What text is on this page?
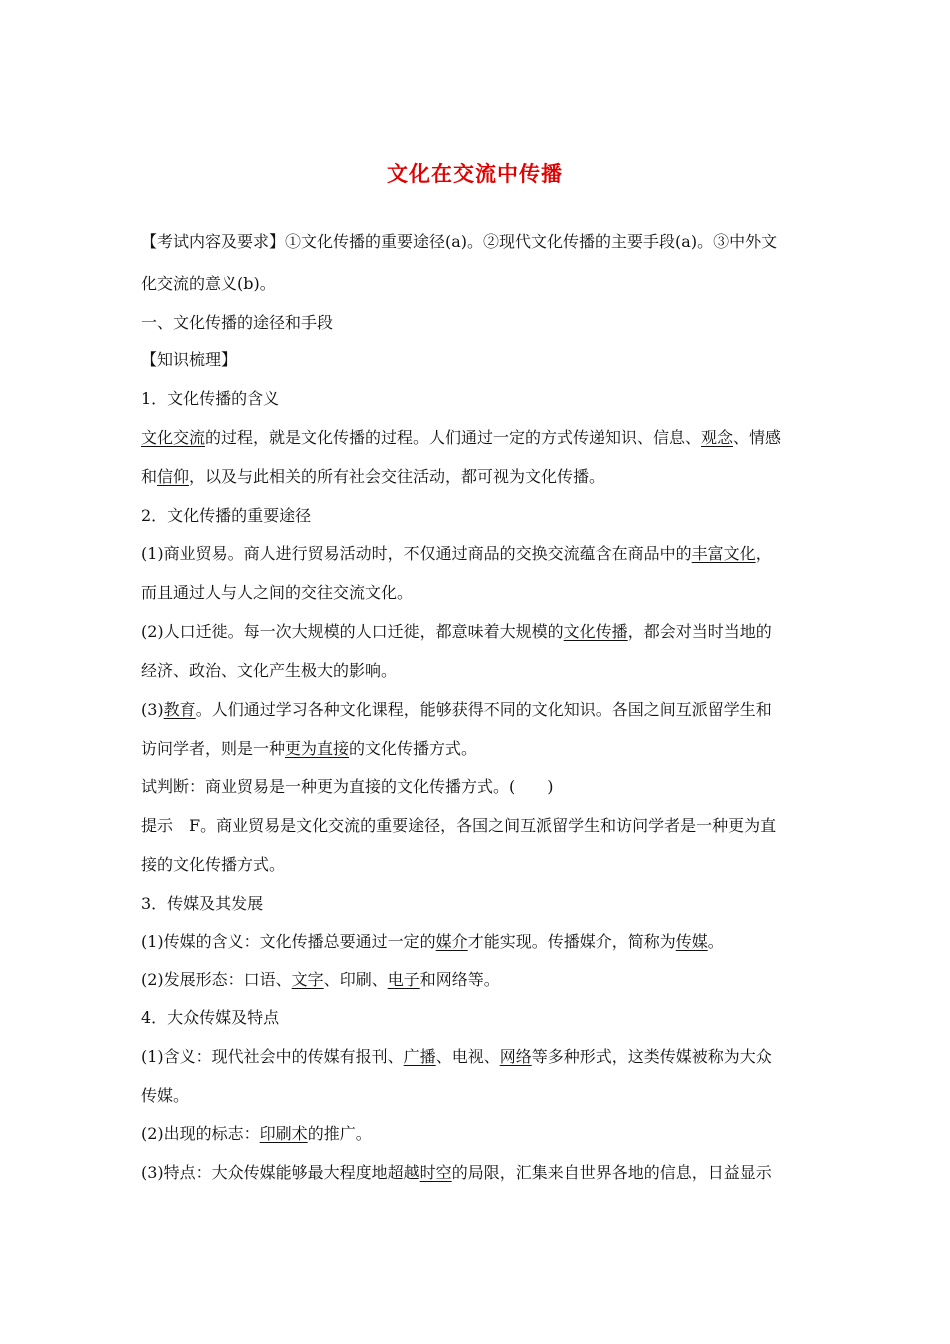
文化在交流中传播
【考试内容及要求】①文化传播的重要途径(a)。②现代文化传播的主要手段(a)。③中外文
化交流的意义(b)。
一、文化传播的途径和手段
【知识梳理】
1．文化传播的含义
文化交流的过程，就是文化传播的过程。人们通过一定的方式传递知识、信息、观念、情感
和信仰，以及与此相关的所有社会交往活动，都可视为文化传播。
2．文化传播的重要途径
(1)商业贸易。商人进行贸易活动时，不仅通过商品的交换交流蕴含在商品中的丰富文化，
而且通过人与人之间的交往交流文化。
(2)人口迁徙。每一次大规模的人口迁徙，都意味着大规模的文化传播，都会对当时当地的
经济、政治、文化产生极大的影响。
(3)教育。人们通过学习各种文化课程，能够获得不同的文化知识。各国之间互派留学生和
访问学者，则是一种更为直接的文化传播方式。
试判断：商业贸易是一种更为直接的文化传播方式。(　　)
提示　F。商业贸易是文化交流的重要途径，各国之间互派留学生和访问学者是一种更为直
接的文化传播方式。
3．传媒及其发展
(1)传媒的含义：文化传播总要通过一定的媒介才能实现。传播媒介，简称为传媒。
(2)发展形态：口语、文字、印刷、电子和网络等。
4．大众传媒及特点
(1)含义：现代社会中的传媒有报刊、广播、电视、网络等多种形式，这类传媒被称为大众
传媒。
(2)出现的标志：印刷术的推广。
(3)特点：大众传媒能够最大程度地超越时空的局限，汇集来自世界各地的信息，日益显示
